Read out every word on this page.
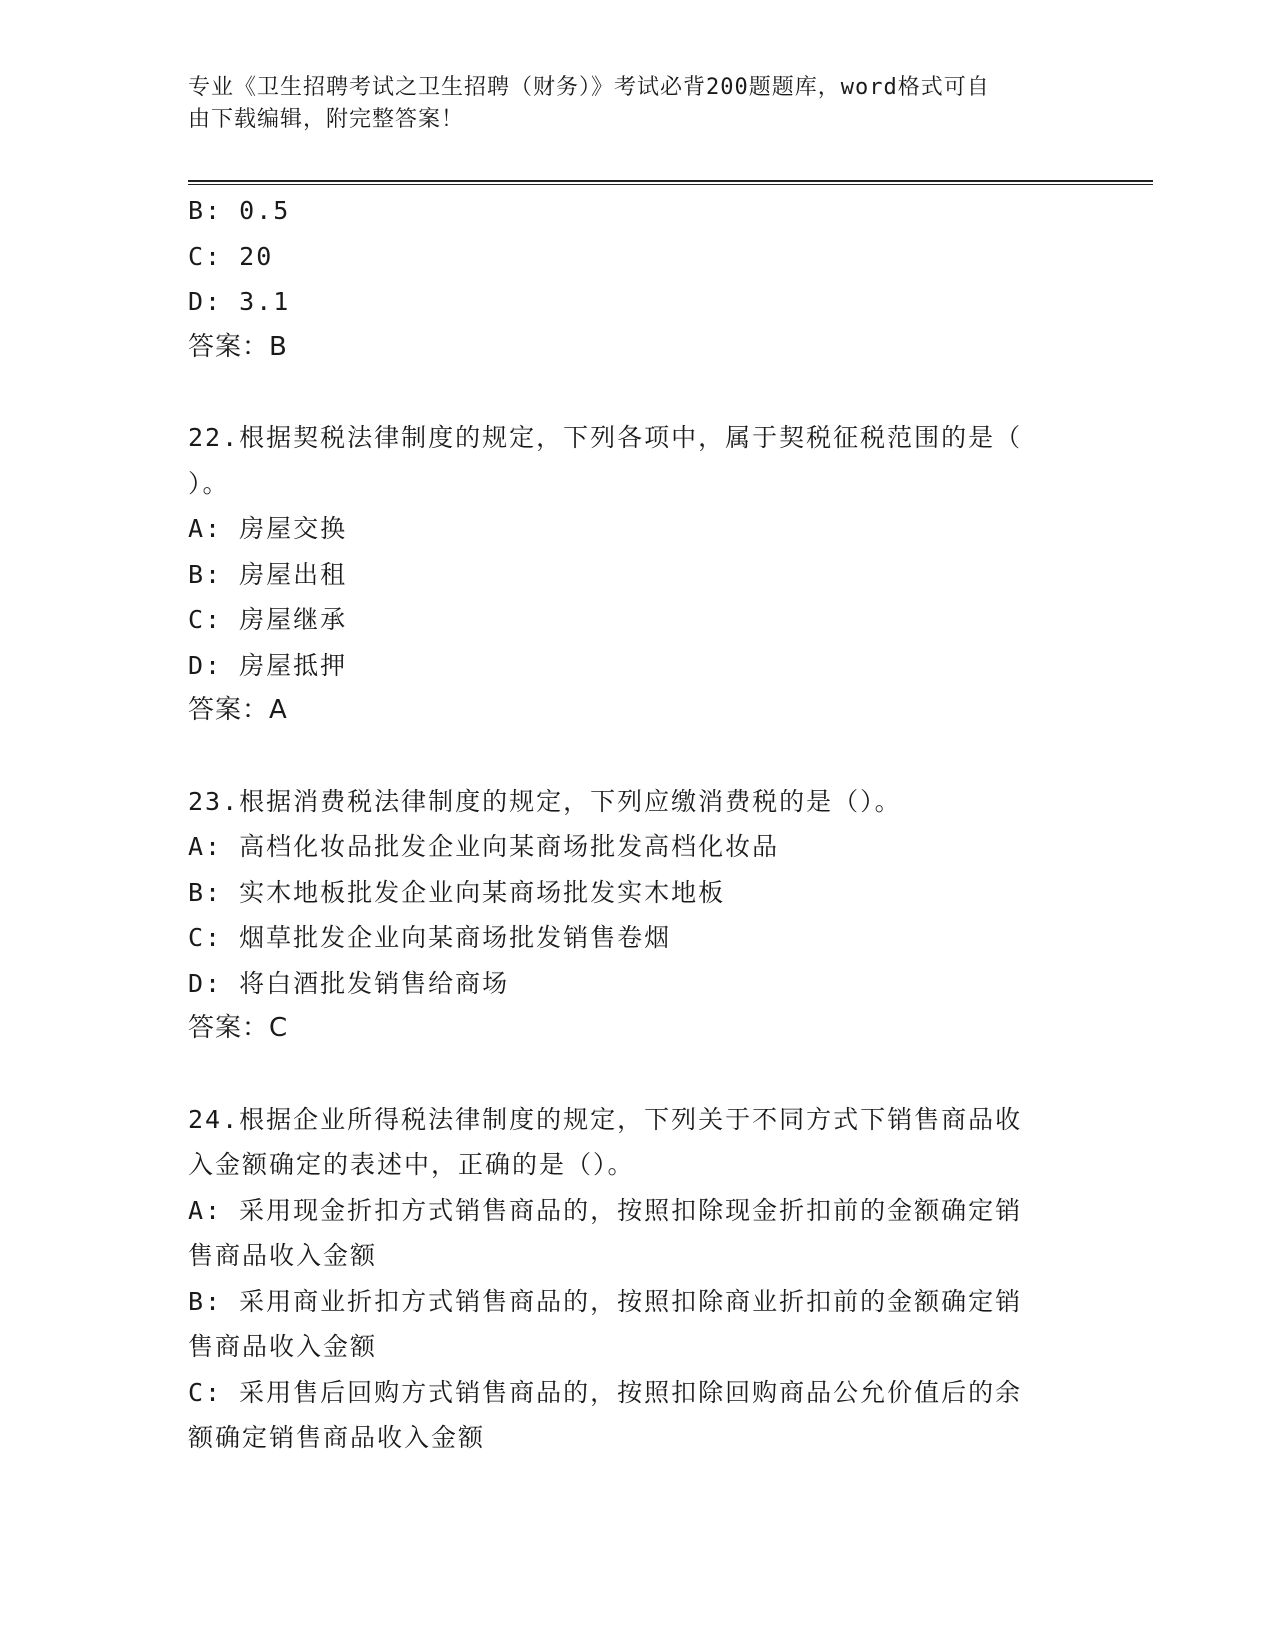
专业《卫生招聘考试之卫生招聘（财务）》考试必背200题题库，word格式可自
由下载编辑，附完整答案！
B: 0.5
C: 20
D: 3.1
答案：B
22.根据契税法律制度的规定，下列各项中，属于契税征税范围的是（
）。
A: 房屋交换
B: 房屋出租
C: 房屋继承
D: 房屋抵押
答案：A
23.根据消费税法律制度的规定，下列应缴消费税的是（）。
A: 高档化妆品批发企业向某商场批发高档化妆品
B: 实木地板批发企业向某商场批发实木地板
C: 烟草批发企业向某商场批发销售卷烟
D: 将白酒批发销售给商场
答案：C
24.根据企业所得税法律制度的规定，下列关于不同方式下销售商品收
入金额确定的表述中，正确的是（）。
A: 采用现金折扣方式销售商品的，按照扣除现金折扣前的金额确定销
售商品收入金额
B: 采用商业折扣方式销售商品的，按照扣除商业折扣前的金额确定销
售商品收入金额
C: 采用售后回购方式销售商品的，按照扣除回购商品公允价值后的余
额确定销售商品收入金额
